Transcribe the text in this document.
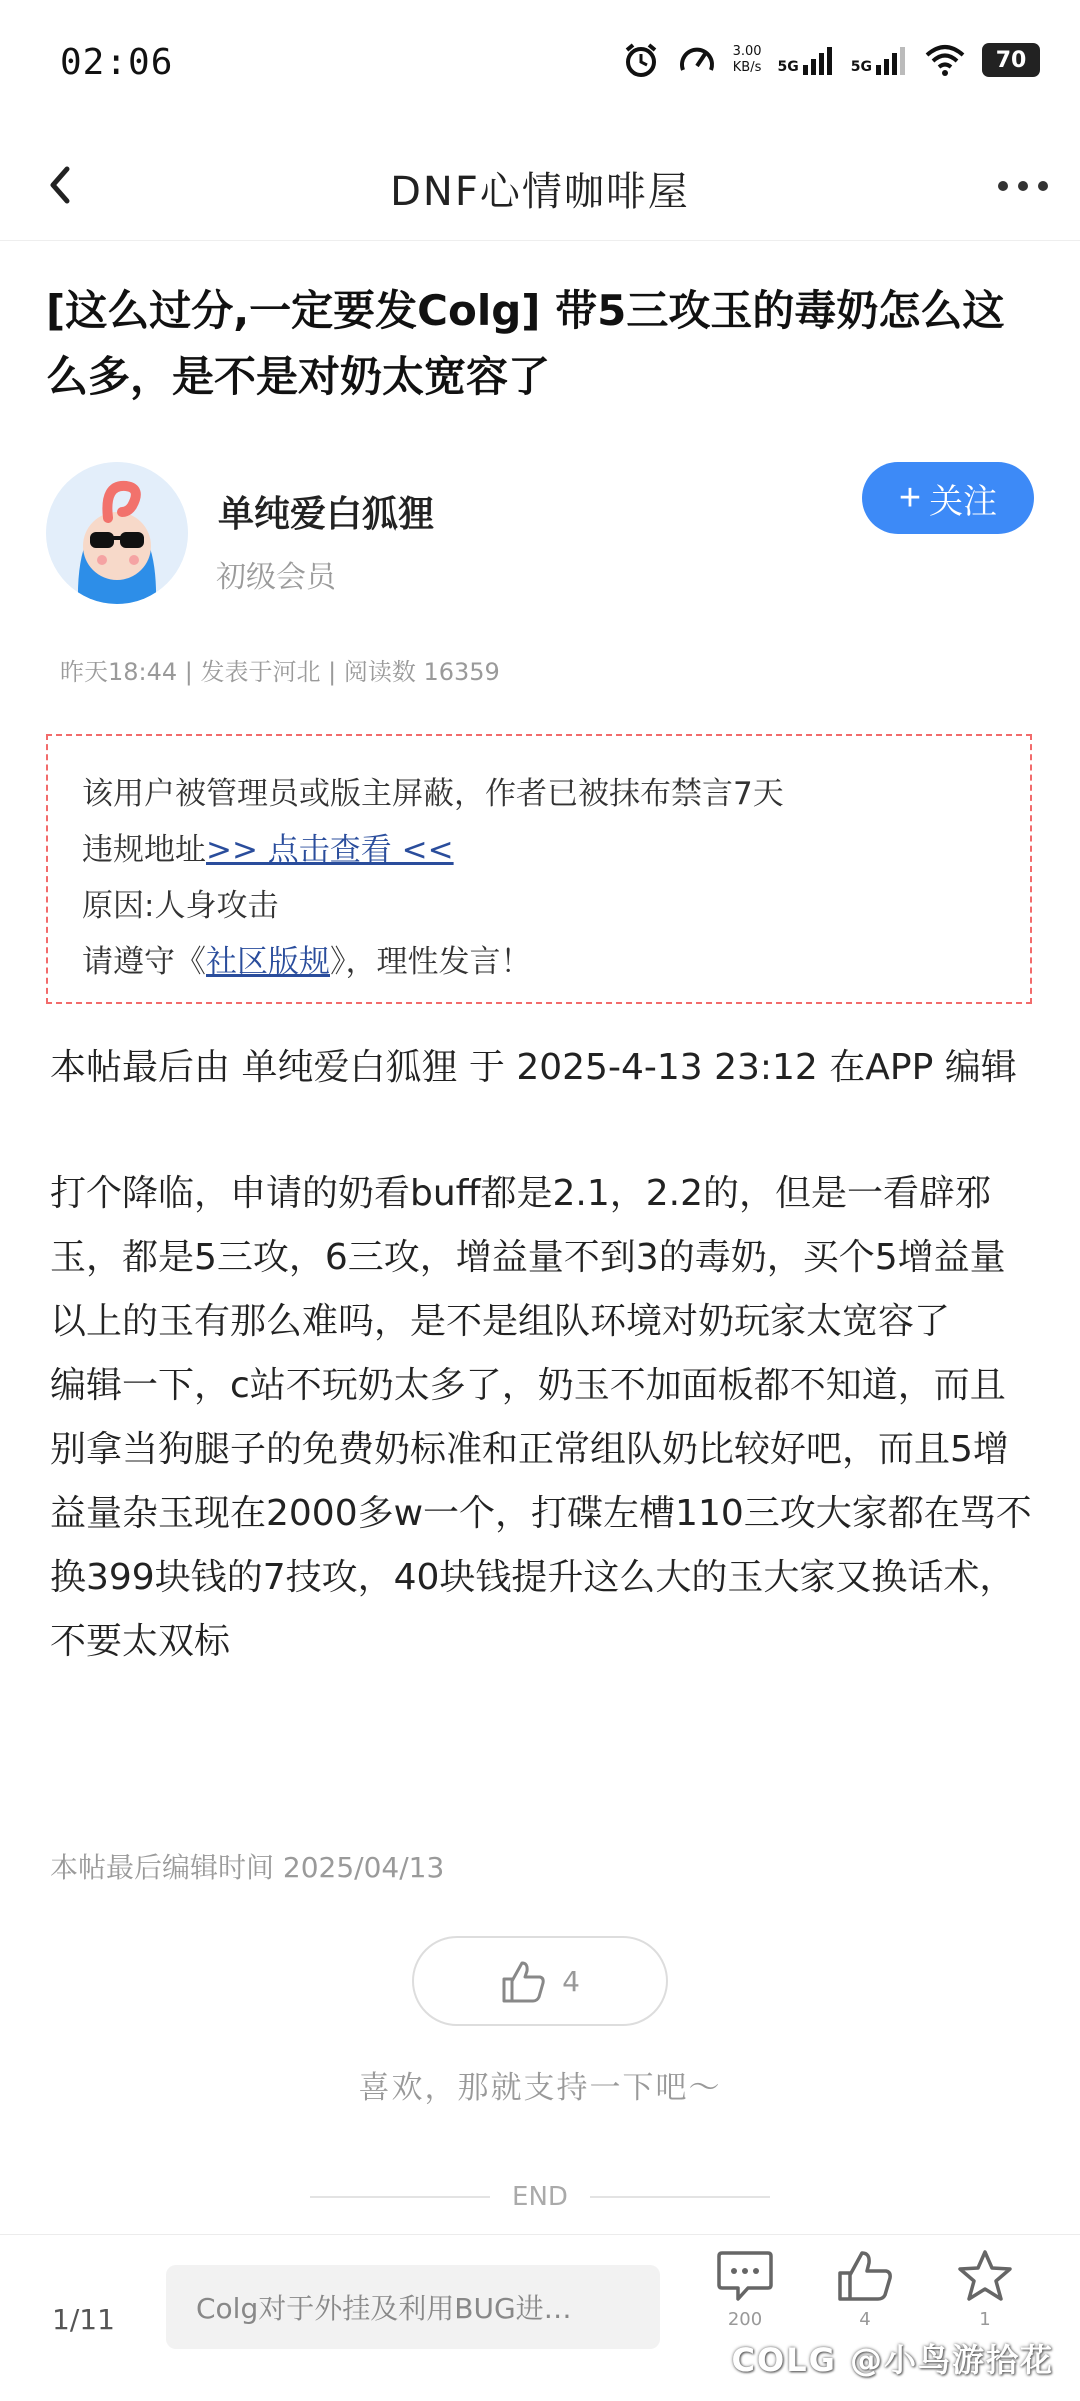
02:06	3.00
KB/s 5G	5G	70
DNF心情咖啡屋
[这么过分,一定要发Colg] 带5三攻玉的毒奶怎么这么多，是不是对奶太宽容了
单纯爱白狐狸
初级会员
+ 关注
昨天18:44 | 发表于河北 | 阅读数 16359
该用户被管理员或版主屏蔽，作者已被抹布禁言7天
违规地址>> 点击查看 <<
原因:人身攻击
请遵守《社区版规》，理性发言！

本帖最后由 单纯爱白狐狸 于 2025-4-13 23:12 在APP 编辑

打个降临，申请的奶看buff都是2.1，2.2的，但是一看辟邪玉，都是5三攻，6三攻，增益量不到3的毒奶，买个5增益量以上的玉有那么难吗，是不是组队环境对奶玩家太宽容了

编辑一下，c站不玩奶太多了，奶玉不加面板都不知道，而且别拿当狗腿子的免费奶标准和正常组队奶比较好吧，而且5增益量杂玉现在2000多w一个，打碟左槽110三攻大家都在骂不换399块钱的7技攻，40块钱提升这么大的玉大家又换话术，不要太双标

本帖最后编辑时间 2025/04/13
4
喜欢，那就支持一下吧～
END
1/11	Colg对于外挂及利用BUG进…	200	4	1
COLG @小鸟游拾花
